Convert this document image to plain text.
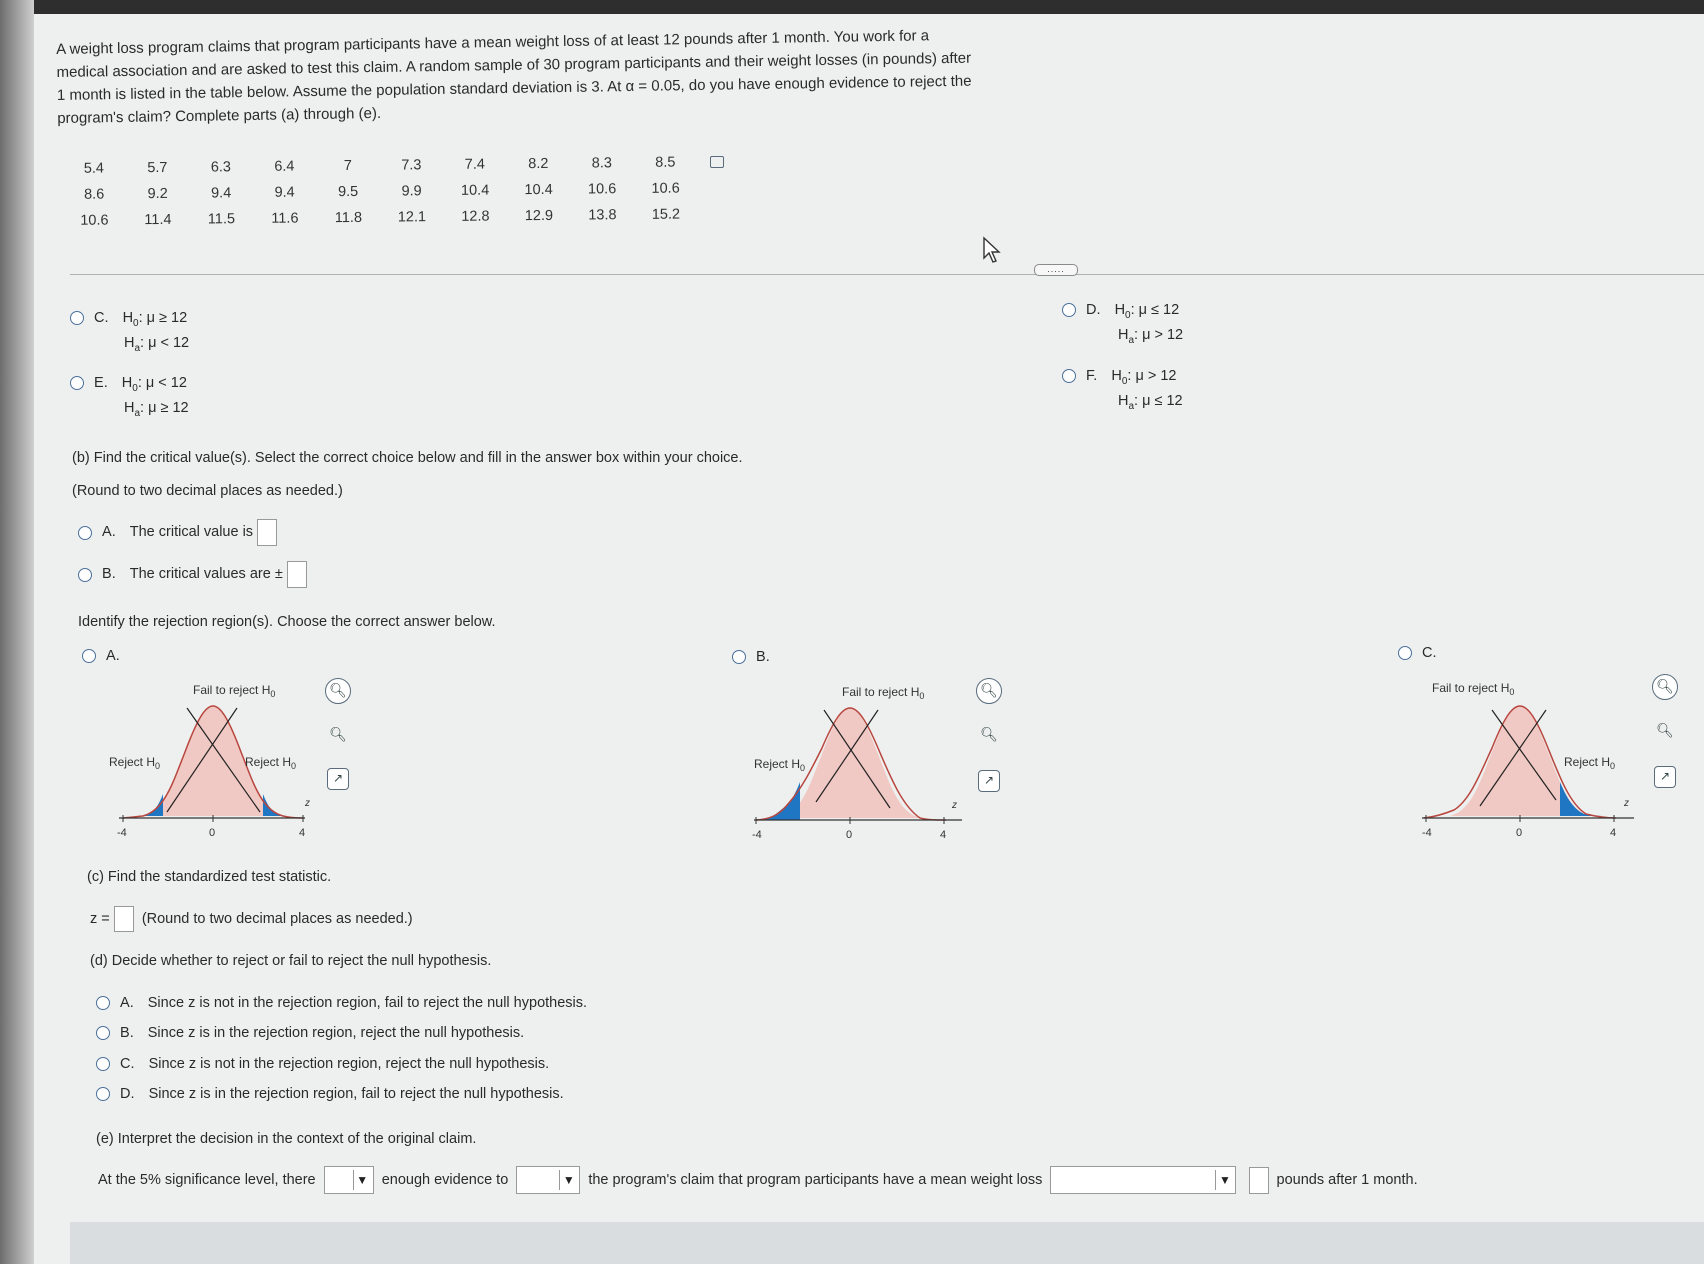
A weight loss program claims that program participants have a mean weight loss of at least 12 pounds after 1 month. You work for a
medical association and are asked to test this claim. A random sample of 30 program participants and their weight losses (in pounds) after
1 month is listed in the table below. Assume the population standard deviation is 3. At α = 0.05, do you have enough evidence to reject the
program's claim? Complete parts (a) through (e).
5.4	5.7	6.3	6.4	7	7.3	7.4	8.2	8.3	8.5
8.6	9.2	9.4	9.4	9.5	9.9	10.4	10.4	10.6	10.6
10.6	11.4	11.5	11.6	11.8	12.1	12.8	12.9	13.8	15.2
.....
C. $H_0$: μ ≥ 12
$H_a$: μ < 12
E. $H_0$: μ < 12
$H_a$: μ ≥ 12
D. $H_0$: μ ≤ 12
$H_a$: μ > 12
F. $H_0$: μ > 12
$H_a$: μ ≤ 12
(b) Find the critical value(s). Select the correct choice below and fill in the answer box within your choice.
(Round to two decimal places as needed.)
A. The critical value is
B. The critical values are ±
Identify the rejection region(s). Choose the correct answer below.
A.
-4	0	4
z
Fail to reject $H_0$
Reject $H_0$	Reject $H_0$
🔍︎
🔍︎
↗
B.
-4	0	4
z
Fail to reject $H_0$
Reject $H_0$
🔍︎
🔍︎
↗
C.
-4	0	4
z
Fail to reject $H_0$
Reject $H_0$
🔍︎
🔍︎
↗
(c) Find the standardized test statistic.
z = (Round to two decimal places as needed.)
(d) Decide whether to reject or fail to reject the null hypothesis.
A. Since z is not in the rejection region, fail to reject the null hypothesis.
B. Since z is in the rejection region, reject the null hypothesis.
C. Since z is not in the rejection region, reject the null hypothesis.
D. Since z is in the rejection region, fail to reject the null hypothesis.
(e) Interpret the decision in the context of the original claim.
At the 5% significance level, there	▼ enough evidence to	▼ the program's claim that program participants have a mean weight loss	▼	pounds after 1 month.
